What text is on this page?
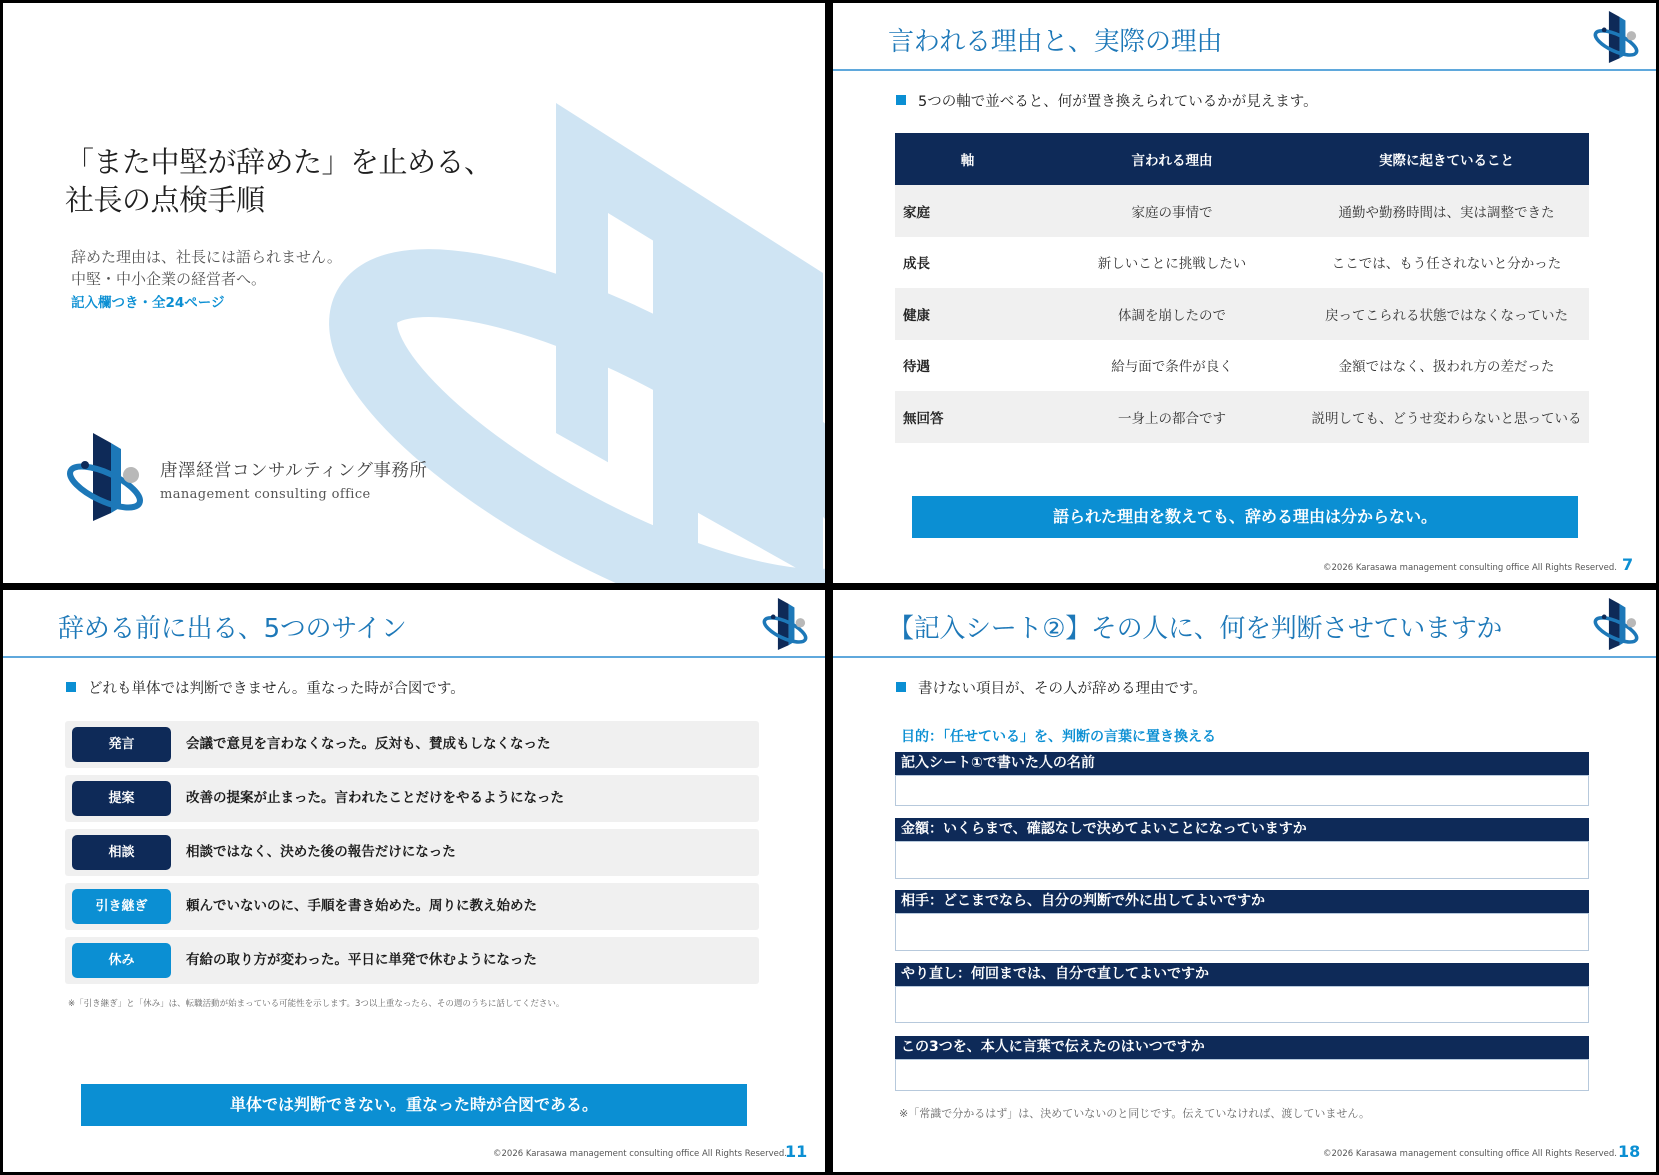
「また中堅が辞めた」を止める、
社長の点検手順
辞めた理由は、社長には語られません。
中堅・中小企業の経営者へ。
記入欄つき・全24ページ
唐澤経営コンサルティング事務所
management consulting office
言われる理由と、実際の理由
5つの軸で並べると、何が置き換えられているかが見えます。
軸	言われる理由	実際に起きていること
家庭	家庭の事情で	通勤や勤務時間は、実は調整できた
成長	新しいことに挑戦したい	ここでは、もう任されないと分かった
健康	体調を崩したので	戻ってこられる状態ではなくなっていた
待遇	給与面で条件が良く	金額ではなく、扱われ方の差だった
無回答	一身上の都合です	説明しても、どうせ変わらないと思っている
語られた理由を数えても、辞める理由は分からない。
©2026 Karasawa management consulting office All Rights Reserved. 7
辞める前に出る、5つのサイン
どれも単体では判断できません。重なった時が合図です。
発言	会議で意見を言わなくなった。反対も、賛成もしなくなった
提案	改善の提案が止まった。言われたことだけをやるようになった
相談	相談ではなく、決めた後の報告だけになった
引き継ぎ	頼んでいないのに、手順を書き始めた。周りに教え始めた
休み	有給の取り方が変わった。平日に単発で休むようになった
※「引き継ぎ」と「休み」は、転職活動が始まっている可能性を示します。3つ以上重なったら、その週のうちに話してください。
単体では判断できない。重なった時が合図である。
©2026 Karasawa management consulting office All Rights Reserved.
11
【記入シート②】その人に、何を判断させていますか
書けない項目が、その人が辞める理由です。
目的：「任せている」を、判断の言葉に置き換える
記入シート①で書いた人の名前
金額：いくらまで、確認なしで決めてよいことになっていますか
相手：どこまでなら、自分の判断で外に出してよいですか
やり直し：何回までは、自分で直してよいですか
この3つを、本人に言葉で伝えたのはいつですか
※「常識で分かるはず」は、決めていないのと同じです。伝えていなければ、渡していません。
©2026 Karasawa management consulting office All Rights Reserved. 18
